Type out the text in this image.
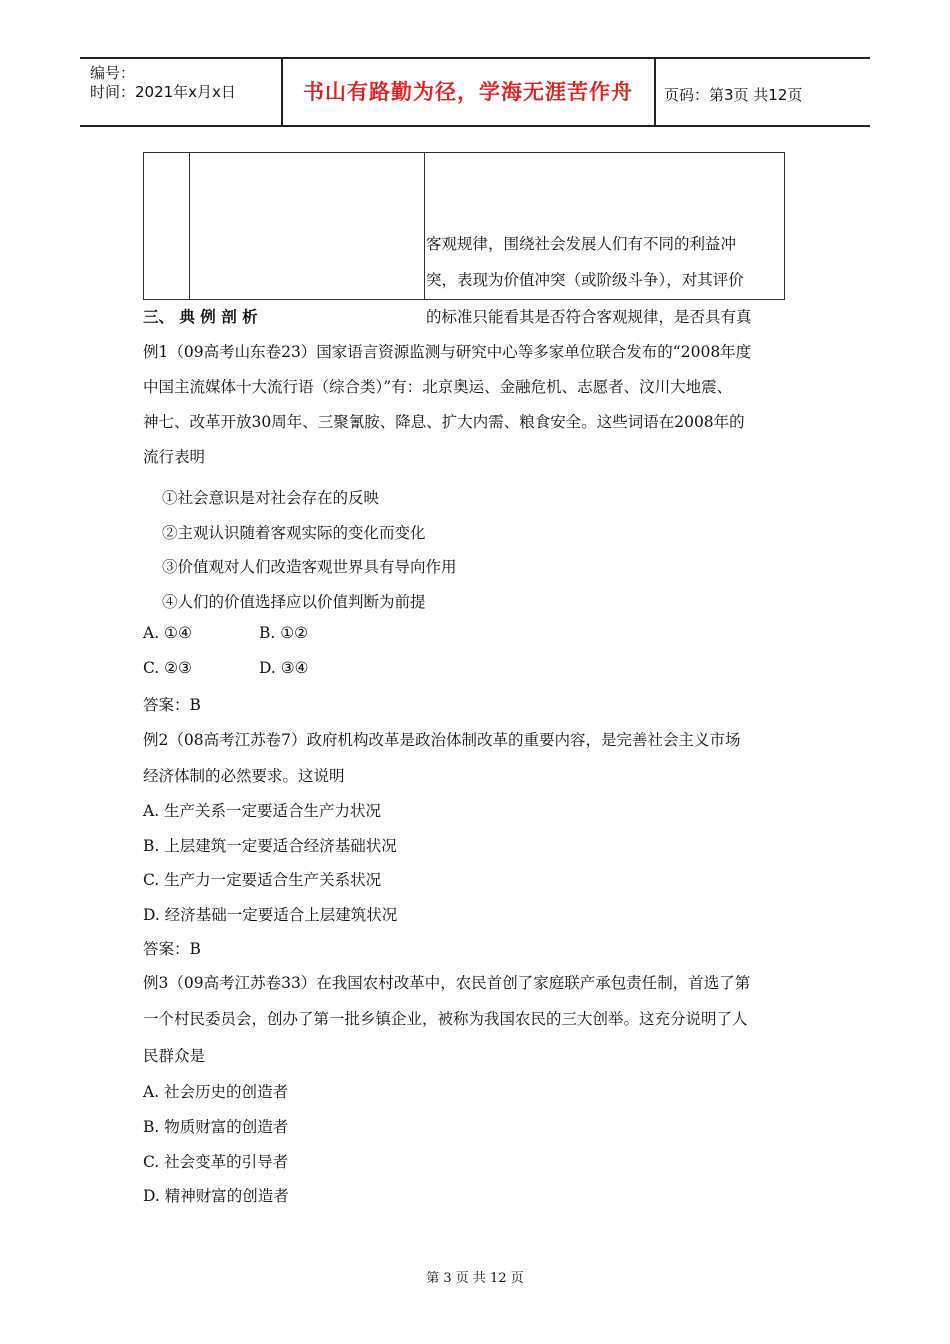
编号：
时间：2021年x月x日	书山有路勤为径，学海无涯苦作舟	页码：第3页 共12页
客观规律，围绕社会发展人们有不同的利益冲
突，表现为价值冲突（或阶级斗争），对其评价
的标准只能看其是否符合客观规律，是否具有真
三、 典 例 剖 析
例1（09高考山东卷23）国家语言资源监测与研究中心等多家单位联合发布的“2008年度
中国主流媒体十大流行语（综合类）”有：北京奥运、金融危机、志愿者、汶川大地震、
神七、改革开放30周年、三聚氰胺、降息、扩大内需、粮食安全。这些词语在2008年的
流行表明
①社会意识是对社会存在的反映
②主观认识随着客观实际的变化而变化
③价值观对人们改造客观世界具有导向作用
④人们的价值选择应以价值判断为前提
A. ①④	B. ①②
C. ②③	D. ③④
答案：B
例2（08高考江苏卷7）政府机构改革是政治体制改革的重要内容，是完善社会主义市场
经济体制的必然要求。这说明
A. 生产关系一定要适合生产力状况
B. 上层建筑一定要适合经济基础状况
C. 生产力一定要适合生产关系状况
D. 经济基础一定要适合上层建筑状况
答案：B
例3（09高考江苏卷33）在我国农村改革中，农民首创了家庭联产承包责任制，首选了第
一个村民委员会，创办了第一批乡镇企业，被称为我国农民的三大创举。这充分说明了人
民群众是
A. 社会历史的创造者
B. 物质财富的创造者
C. 社会变革的引导者
D. 精神财富的创造者
第 3 页 共 12 页
